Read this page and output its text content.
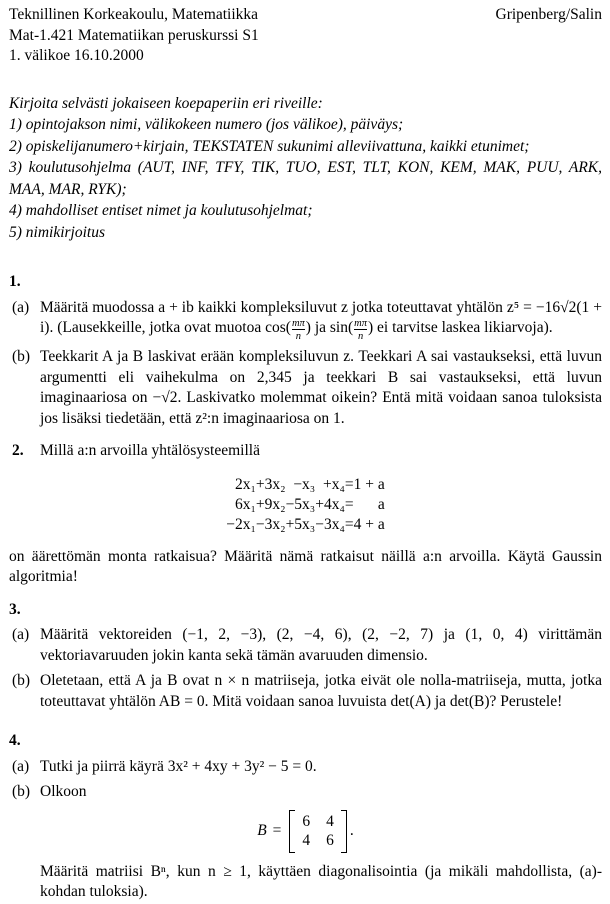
Teknillinen Korkeakoulu, Matematiikka
Mat-1.421 Matematiikan peruskurssi S1
1. välikoe 16.10.2000
Gripenberg/Salin
Kirjoita selvästi jokaiseen koepaperiin eri riveille:
1) opintojakson nimi, välikokeen numero (jos välikoe), päiväys;
2) opiskelijanumero+kirjain, TEKSTATEN sukunimi alleviivattuna, kaikki etunimet;
3) koulutusohjelma (AUT, INF, TFY, TIK, TUO, EST, TLT, KON, KEM, MAK, PUU, ARK, MAA, MAR, RYK);
4) mahdolliset entiset nimet ja koulutusohjelmat;
5) nimikirjoitus
1.
(a) Määritä muodossa a + ib kaikki kompleksiluvut z jotka toteuttavat yhtälön z⁵ = −16√2(1 + i). (Lausekkeille, jotka ovat muotoa $\cos( \frac{m\pi}{n}$ ) ja $\sin( \frac{m\pi}{n}$ ) ei tarvitse laskea likiarvoja).
(b) Teekkarit A ja B laskivat erään kompleksiluvun z. Teekkari A sai vastaukseksi, että luvun argumentti eli vaihekulma on 2,345 ja teekkari B sai vastaukseksi, että luvun imaginaariosa on −√2. Laskivatko molemmat oikein? Entä mitä voidaan sanoa tuloksista jos lisäksi tiedetään, että z²:n imaginaariosa on 1.
2.	Millä a:n arvoilla yhtälösysteemillä
2x₁	+3x₂	−x₃	+x₄	=	1 + a
6x₁	+9x₂	−5x₃	+4x₄	=	a
−2x₁	−3x₂	+5x₃	−3x₄	=	4 + a

on äärettömän monta ratkaisua? Määritä nämä ratkaisut näillä a:n arvoilla. Käytä Gaussin algoritmia!

3.
(a) Määritä vektoreiden (−1, 2, −3), (2, −4, 6), (2, −2, 7) ja (1, 0, 4) virittämän vektoriavaruuden jokin kanta sekä tämän avaruuden dimensio.
(b) Oletetaan, että A ja B ovat n × n matriiseja, jotka eivät ole nolla-matriiseja, mutta, jotka toteuttavat yhtälön AB = 0. Mitä voidaan sanoa luvuista det(A) ja det(B)? Perustele!
4.
(a) Tutki ja piirrä käyrä 3x² + 4xy + 3y² − 5 = 0.
(b) Olkoon
B =
6 4
4 6
.
Määritä matriisi Bⁿ, kun n ≥ 1, käyttäen diagonalisointia (ja mikäli mahdollista, (a)-kohdan tuloksia).
